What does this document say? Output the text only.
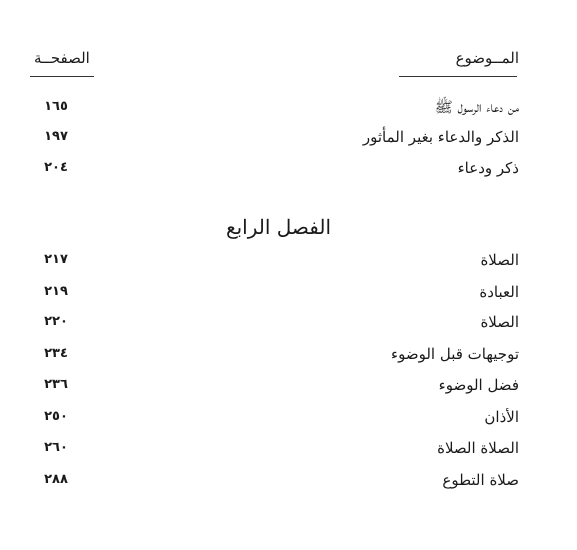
المــوضوع
الصفحــة
من دعاء الرسول ﷺ
١٦٥
الذكر والدعاء بغير المأثور
١٩٧
ذكر ودعاء
٢٠٤
الفصل الرابع
الصلاة
٢١٧
العبادة
٢١٩
الصلاة
٢٢٠
توجيهات قبل الوضوء
٢٣٤
فضل الوضوء
٢٣٦
الأذان
٢٥٠
الصلاة الصلاة
٢٦٠
صلاة التطوع
٢٨٨
